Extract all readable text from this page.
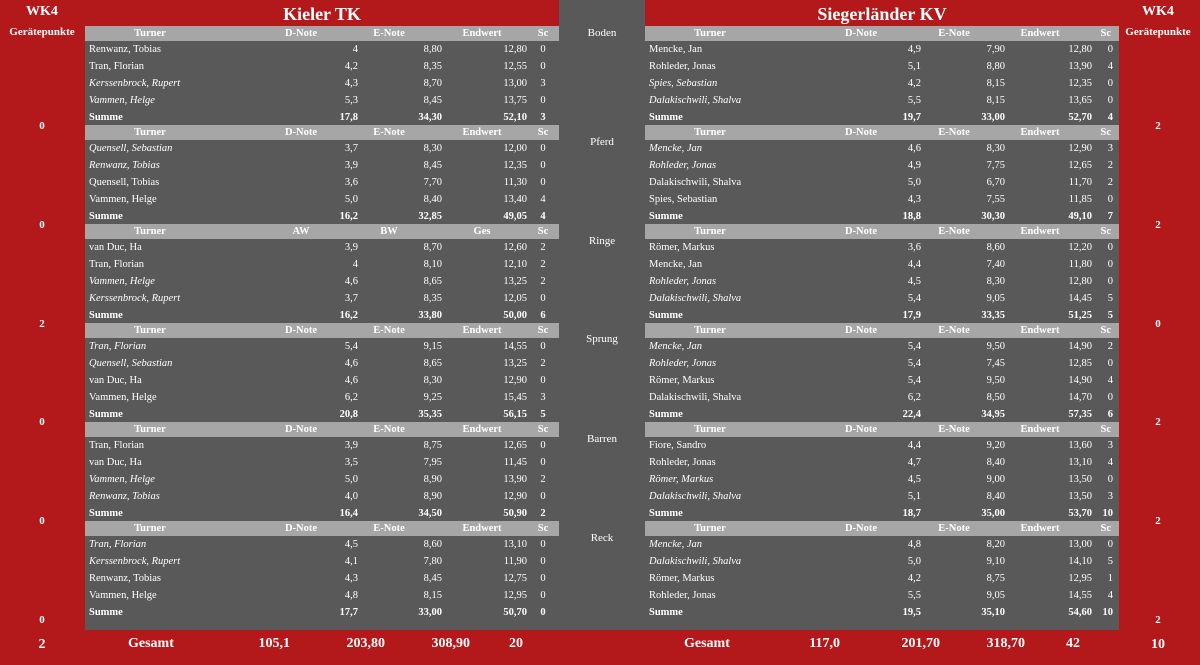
WK4
Gerätepunkte
0
0
2
0
0
0
2
WK4
Gerätepunkte
2
2
0
2
2
2
10
Kieler TK	Siegerländer KV
Boden
Pferd
Ringe
Sprung
Barren
Reck
Turner	D-Note	E-Note	Endwert	Sc
Renwanz, Tobias	4	8,80	12,80	0
Tran, Florian	4,2	8,35	12,55	0
Kerssenbrock, Rupert	4,3	8,70	13,00	3
Vammen, Helge	5,3	8,45	13,75	0
Summe	17,8	34,30	52,10	3
Turner	D-Note	E-Note	Endwert	Sc
Quensell, Sebastian	3,7	8,30	12,00	0
Renwanz, Tobias	3,9	8,45	12,35	0
Quensell, Tobias	3,6	7,70	11,30	0
Vammen, Helge	5,0	8,40	13,40	4
Summe	16,2	32,85	49,05	4
Turner	AW	BW	Ges	Sc
van Duc, Ha	3,9	8,70	12,60	2
Tran, Florian	4	8,10	12,10	2
Vammen, Helge	4,6	8,65	13,25	2
Kerssenbrock, Rupert	3,7	8,35	12,05	0
Summe	16,2	33,80	50,00	6
Turner	D-Note	E-Note	Endwert	Sc
Tran, Florian	5,4	9,15	14,55	0
Quensell, Sebastian	4,6	8,65	13,25	2
van Duc, Ha	4,6	8,30	12,90	0
Vammen, Helge	6,2	9,25	15,45	3
Summe	20,8	35,35	56,15	5
Turner	D-Note	E-Note	Endwert	Sc
Tran, Florian	3,9	8,75	12,65	0
van Duc, Ha	3,5	7,95	11,45	0
Vammen, Helge	5,0	8,90	13,90	2
Renwanz, Tobias	4,0	8,90	12,90	0
Summe	16,4	34,50	50,90	2
Turner	D-Note	E-Note	Endwert	Sc
Tran, Florian	4,5	8,60	13,10	0
Kerssenbrock, Rupert	4,1	7,80	11,90	0
Renwanz, Tobias	4,3	8,45	12,75	0
Vammen, Helge	4,8	8,15	12,95	0
Summe	17,7	33,00	50,70	0
Turner	D-Note	E-Note	Endwert	Sc
Mencke, Jan	4,9	7,90	12,80	0
Rohleder, Jonas	5,1	8,80	13,90	4
Spies, Sebastian	4,2	8,15	12,35	0
Dalakischwili, Shalva	5,5	8,15	13,65	0
Summe	19,7	33,00	52,70	4
Turner	D-Note	E-Note	Endwert	Sc
Mencke, Jan	4,6	8,30	12,90	3
Rohleder, Jonas	4,9	7,75	12,65	2
Dalakischwili, Shalva	5,0	6,70	11,70	2
Spies, Sebastian	4,3	7,55	11,85	0
Summe	18,8	30,30	49,10	7
Turner	D-Note	E-Note	Endwert	Sc
Römer, Markus	3,6	8,60	12,20	0
Mencke, Jan	4,4	7,40	11,80	0
Rohleder, Jonas	4,5	8,30	12,80	0
Dalakischwili, Shalva	5,4	9,05	14,45	5
Summe	17,9	33,35	51,25	5
Turner	D-Note	E-Note	Endwert	Sc
Mencke, Jan	5,4	9,50	14,90	2
Rohleder, Jonas	5,4	7,45	12,85	0
Römer, Markus	5,4	9,50	14,90	4
Dalakischwili, Shalva	6,2	8,50	14,70	0
Summe	22,4	34,95	57,35	6
Turner	D-Note	E-Note	Endwert	Sc
Fiore, Sandro	4,4	9,20	13,60	3
Rohleder, Jonas	4,7	8,40	13,10	4
Römer, Markus	4,5	9,00	13,50	0
Dalakischwili, Shalva	5,1	8,40	13,50	3
Summe	18,7	35,00	53,70	10
Turner	D-Note	E-Note	Endwert	Sc
Mencke, Jan	4,8	8,20	13,00	0
Dalakischwili, Shalva	5,0	9,10	14,10	5
Römer, Markus	4,2	8,75	12,95	1
Rohleder, Jonas	5,5	9,05	14,55	4
Summe	19,5	35,10	54,60	10
Gesamt	105,1	203,80	308,90	20	Gesamt	117,0	201,70	318,70	42
